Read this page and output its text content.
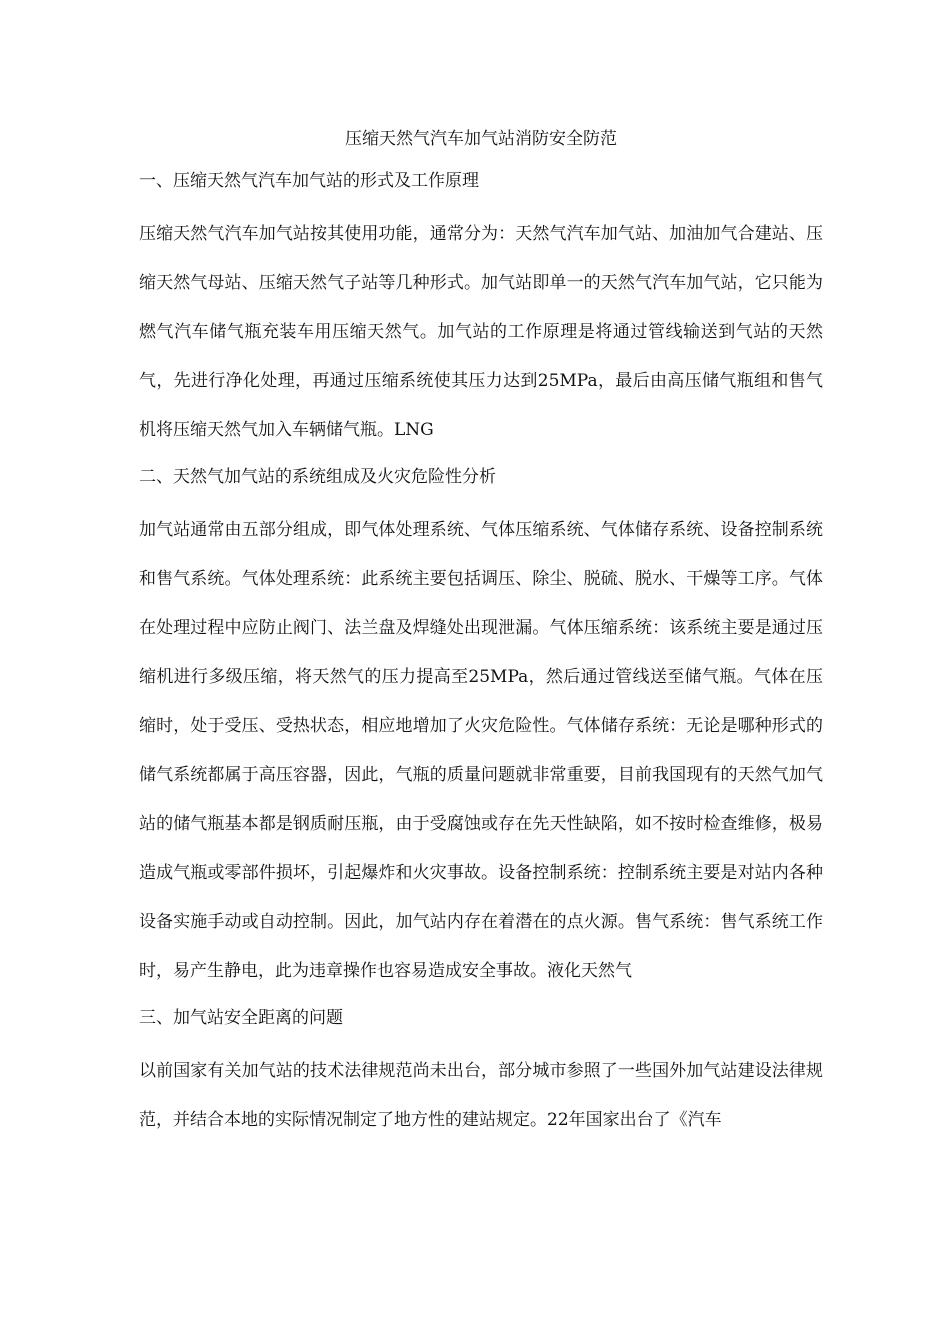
压缩天然气汽车加气站消防安全防范
一、压缩天然气汽车加气站的形式及工作原理
压缩天然气汽车加气站按其使用功能，通常分为：天然气汽车加气站、加油加气合建站、压缩天然气母站、压缩天然气子站等几种形式。加气站即单一的天然气汽车加气站，它只能为燃气汽车储气瓶充装车用压缩天然气。加气站的工作原理是将通过管线输送到气站的天然气，先进行净化处理，再通过压缩系统使其压力达到25MPa，最后由高压储气瓶组和售气机将压缩天然气加入车辆储气瓶。LNG
二、天然气加气站的系统组成及火灾危险性分析
加气站通常由五部分组成，即气体处理系统、气体压缩系统、气体储存系统、设备控制系统和售气系统。气体处理系统：此系统主要包括调压、除尘、脱硫、脱水、干燥等工序。气体在处理过程中应防止阀门、法兰盘及焊缝处出现泄漏。气体压缩系统：该系统主要是通过压缩机进行多级压缩，将天然气的压力提高至25MPa，然后通过管线送至储气瓶。气体在压缩时，处于受压、受热状态，相应地增加了火灾危险性。气体储存系统：无论是哪种形式的储气系统都属于高压容器，因此，气瓶的质量问题就非常重要，目前我国现有的天然气加气站的储气瓶基本都是钢质耐压瓶，由于受腐蚀或存在先天性缺陷，如不按时检查维修，极易造成气瓶或零部件损坏，引起爆炸和火灾事故。设备控制系统：控制系统主要是对站内各种设备实施手动或自动控制。因此，加气站内存在着潜在的点火源。售气系统：售气系统工作时，易产生静电，此为违章操作也容易造成安全事故。液化天然气
三、加气站安全距离的问题
以前国家有关加气站的技术法律规范尚未出台，部分城市参照了一些国外加气站建设法律规范，并结合本地的实际情况制定了地方性的建站规定。22年国家出台了《汽车
